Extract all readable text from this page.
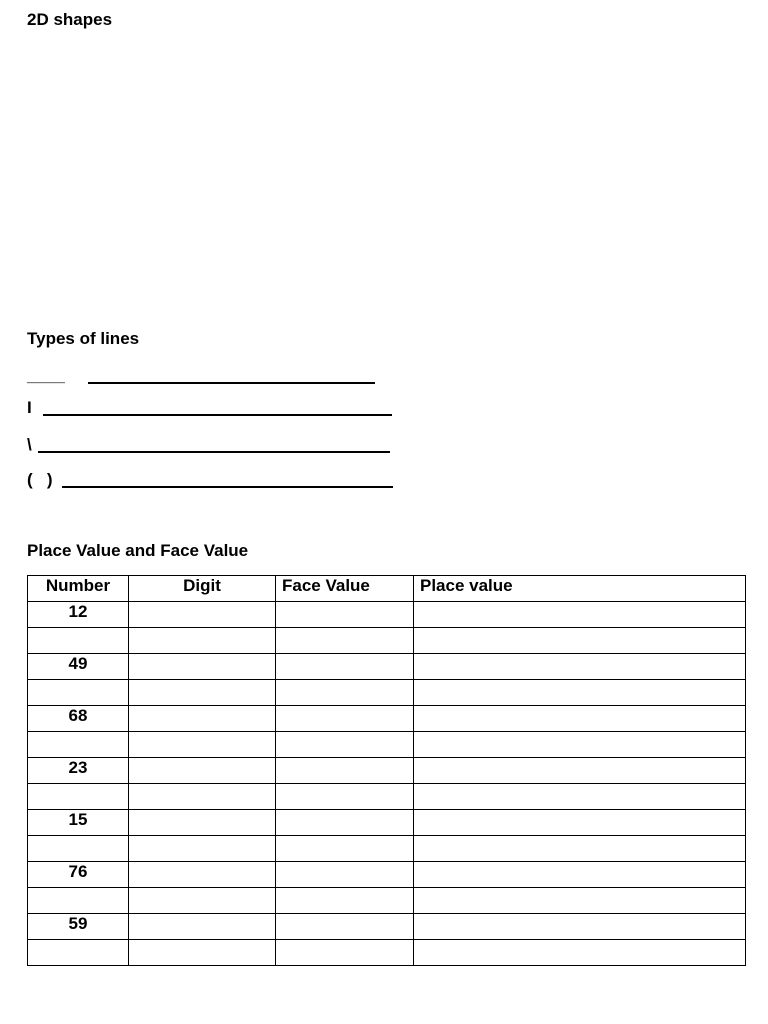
2D shapes
Types of lines
____
I
\
(   )
Place Value and Face Value
Number	Digit	Face Value	Place value
12			

49			

68			

23			

15			

76			

59			
